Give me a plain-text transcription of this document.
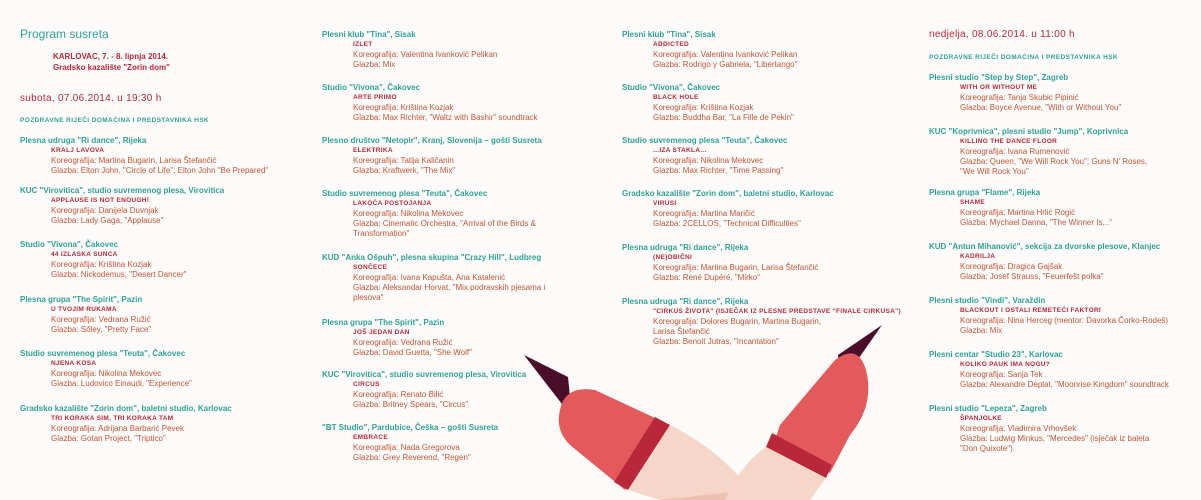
Program susreta
KARLOVAC, 7. - 8. lipnja 2014.
Gradsko kazalište "Zorin dom"
subota, 07.06.2014. u 19:30 h
POZDRAVNE RIJEČI DOMAĆINA I PREDSTAVNIKA HSK
Plesna udruga "Ri dance", Rijeka
KRALJ LAVOVA
Koreografija: Martina Bugarin, Larisa Štefančić
Glazba: Elton John, "Circle of Life"; Elton John "Be Prepared"
KUC "Virovitica", studio suvremenog plesa, Virovitica
APPLAUSE IS NOT ENOUGH!
Koreografija: Danijela Duvnjak
Glazba: Lady Gaga, "Applause"
Studio "Vivona", Čakovec
44 IZLASKA SUNCA
Koreografija: Kriština Kozjak
Glazba: Nickodemus, "Desert Dancer"
Plesna grupa "The Spirit", Pazin
U TVOJIM RUKAMA
Koreografija: Vedrana Ružić
Glazba: Sőley, "Pretty Face"
Studio suvremenog plesa "Teuta", Čakovec
NJENA KOSA
Koreografija: Nikolina Mekovec
Glazba: Ludovico Einaudi, "Experience"
Gradsko kazalište "Zorin dom", baletni studio, Karlovac
TRI KORAKA SIM, TRI KORAKA TAM
Koreografija: Adrijana Barbarić Pevek
Glazba: Gotan Project, "Triptico"
Plesni klub "Tina", Sisak
IZLET
Koreografija: Valentina Ivanković Pelikan
Glazba: Mix
Studio "Vivona", Čakovec
ARTE PRIMO
Koreografija: Kriština Kozjak
Glazba: Max Richter, "Waltz with Bashir" soundtrack
Plesno društvo "Netopir", Kranj, Slovenija – gošti Susreta
ELEKTRIKA
Koreografija: Tatija Kaličanin
Glazba: Kraftwerk, "The Mix"
Studio suvremenog plesa "Teuta", Čakovec
LAKOĆA POSTOJANJA
Koreografija: Nikolina Mekovec
Glazba: Cinematic Orchestra, "Arrival of the Birds &
Transformation"
KUD "Anka Ošpuh", plesna skupina "Crazy Hill", Ludbreg
SONČECE
Koreografija: Ivana Kapušta, Ana Katalenić
Glazba: Aleksandar Horvat, "Mix podravskih pjesama i
plesova"
Plesna grupa "The Spirit", Pazin
JOŠ JEDAN DAN
Koreografija: Vedrana Ružić
Glazba: David Guetta, "She Wolf"
KUC "Virovitica", studio suvremenog plesa, Virovitica
CIRCUS
Koreografija: Renato Bilić
Glazba: Britney Spears, "Circus"
"BT Studio", Pardubice, Češka – gošti Susreta
EMBRACE
Koreografija: Nada Gregorova
Glazba: Grey Reverend, "Regen"
Plesni klub "Tina", Sisak
ADDICTED
Koreografija: Valentina Ivanković Pelikan
Glazba: Rodrigo y Gabriela, "Libertango"
Studio "Vivona", Čakovec
BLACK HOLE
Koreografija: Kriština Kozjak
Glazba: Buddha Bar, "La Fille de Pekin"
Studio suvremenog plesa "Teuta", Čakovec
...IZA STAKLA...
Koreografija: Nikolina Mekovec
Glazba: Max Richter, "Time Passing"
Gradsko kazalište "Zorin dom", baletni studio, Karlovac
VIRUSI
Koreografija: Martina Maričić
Glazba: 2CELLOS, "Technical Difficulties"
Plesna udruga "Ri dance", Rijeka
(NE)OBIČNI
Koreografija: Martina Bugarin, Larisa Štefančić
Glazba: René Dupéré, "Mirko"
Plesna udruga "Ri dance", Rijeka
"CIRKUS ŽIVOTA" (ISJEČAK IZ PLESNE PREDSTAVE "FINALE CIRKUSA")
Koreografija: Dolores Bugarin, Martina Bugarin,
Larisa Štefančić
Glazba: Benoit Jutras, "Incantation"
nedjelja, 08.06.2014. u 11:00 h
POZDRAVNE RIJEČI DOMAĆINA I PREDSTAVNIKA HSK
Plesni studio "Step by Step", Zagreb
WITH OR WITHOUT ME
Koreografija: Tanja Skubic Pipinić
Glazba: Boyce Avenue, "With or Without You"
KUC "Koprivnica", plesni studio "Jump", Koprivnica
KILLING THE DANCE FLOOR
Koreografija: Ivana Rumenović
Glazba: Queen, "We Will Rock You"; Guns N' Roses,
"We Will Rock You"
Plesna grupa "Flame", Rijeka
SHAME
Koreografija: Martina Hrlić Rogić
Glazba: Mychael Danna, "The Winner Is..."
KUD "Antun Mihanović", sekcija za dvorske plesove, Klanjec
KADRILJA
Koreografija: Dragica Gajšak
Glazba: Josef Strauss, "Feuerfešt polka"
Plesni studio "Vindi", Varaždin
BLACKOUT I OSTALI REMETEĆI FAKTORI
Koreografija: Nina Herceg (mentor: Davorka Čorko-Rodeš)
Glazba: Mix
Plesni centar "Studio 23", Karlovac
KOLIKO PAUK IMA NOGU?
Koreografija: Sanja Tek
Glazba: Alexandre Deplat, "Moonrise Kingdom" soundtrack
Plesni studio "Lepeza", Zagreb
ŠPANJOLKE
Koreografija: Vladimira Vrhovšek
Glazba: Ludwig Minkus, "Mercedes" (isječak iz baleta
"Don Quixote")
